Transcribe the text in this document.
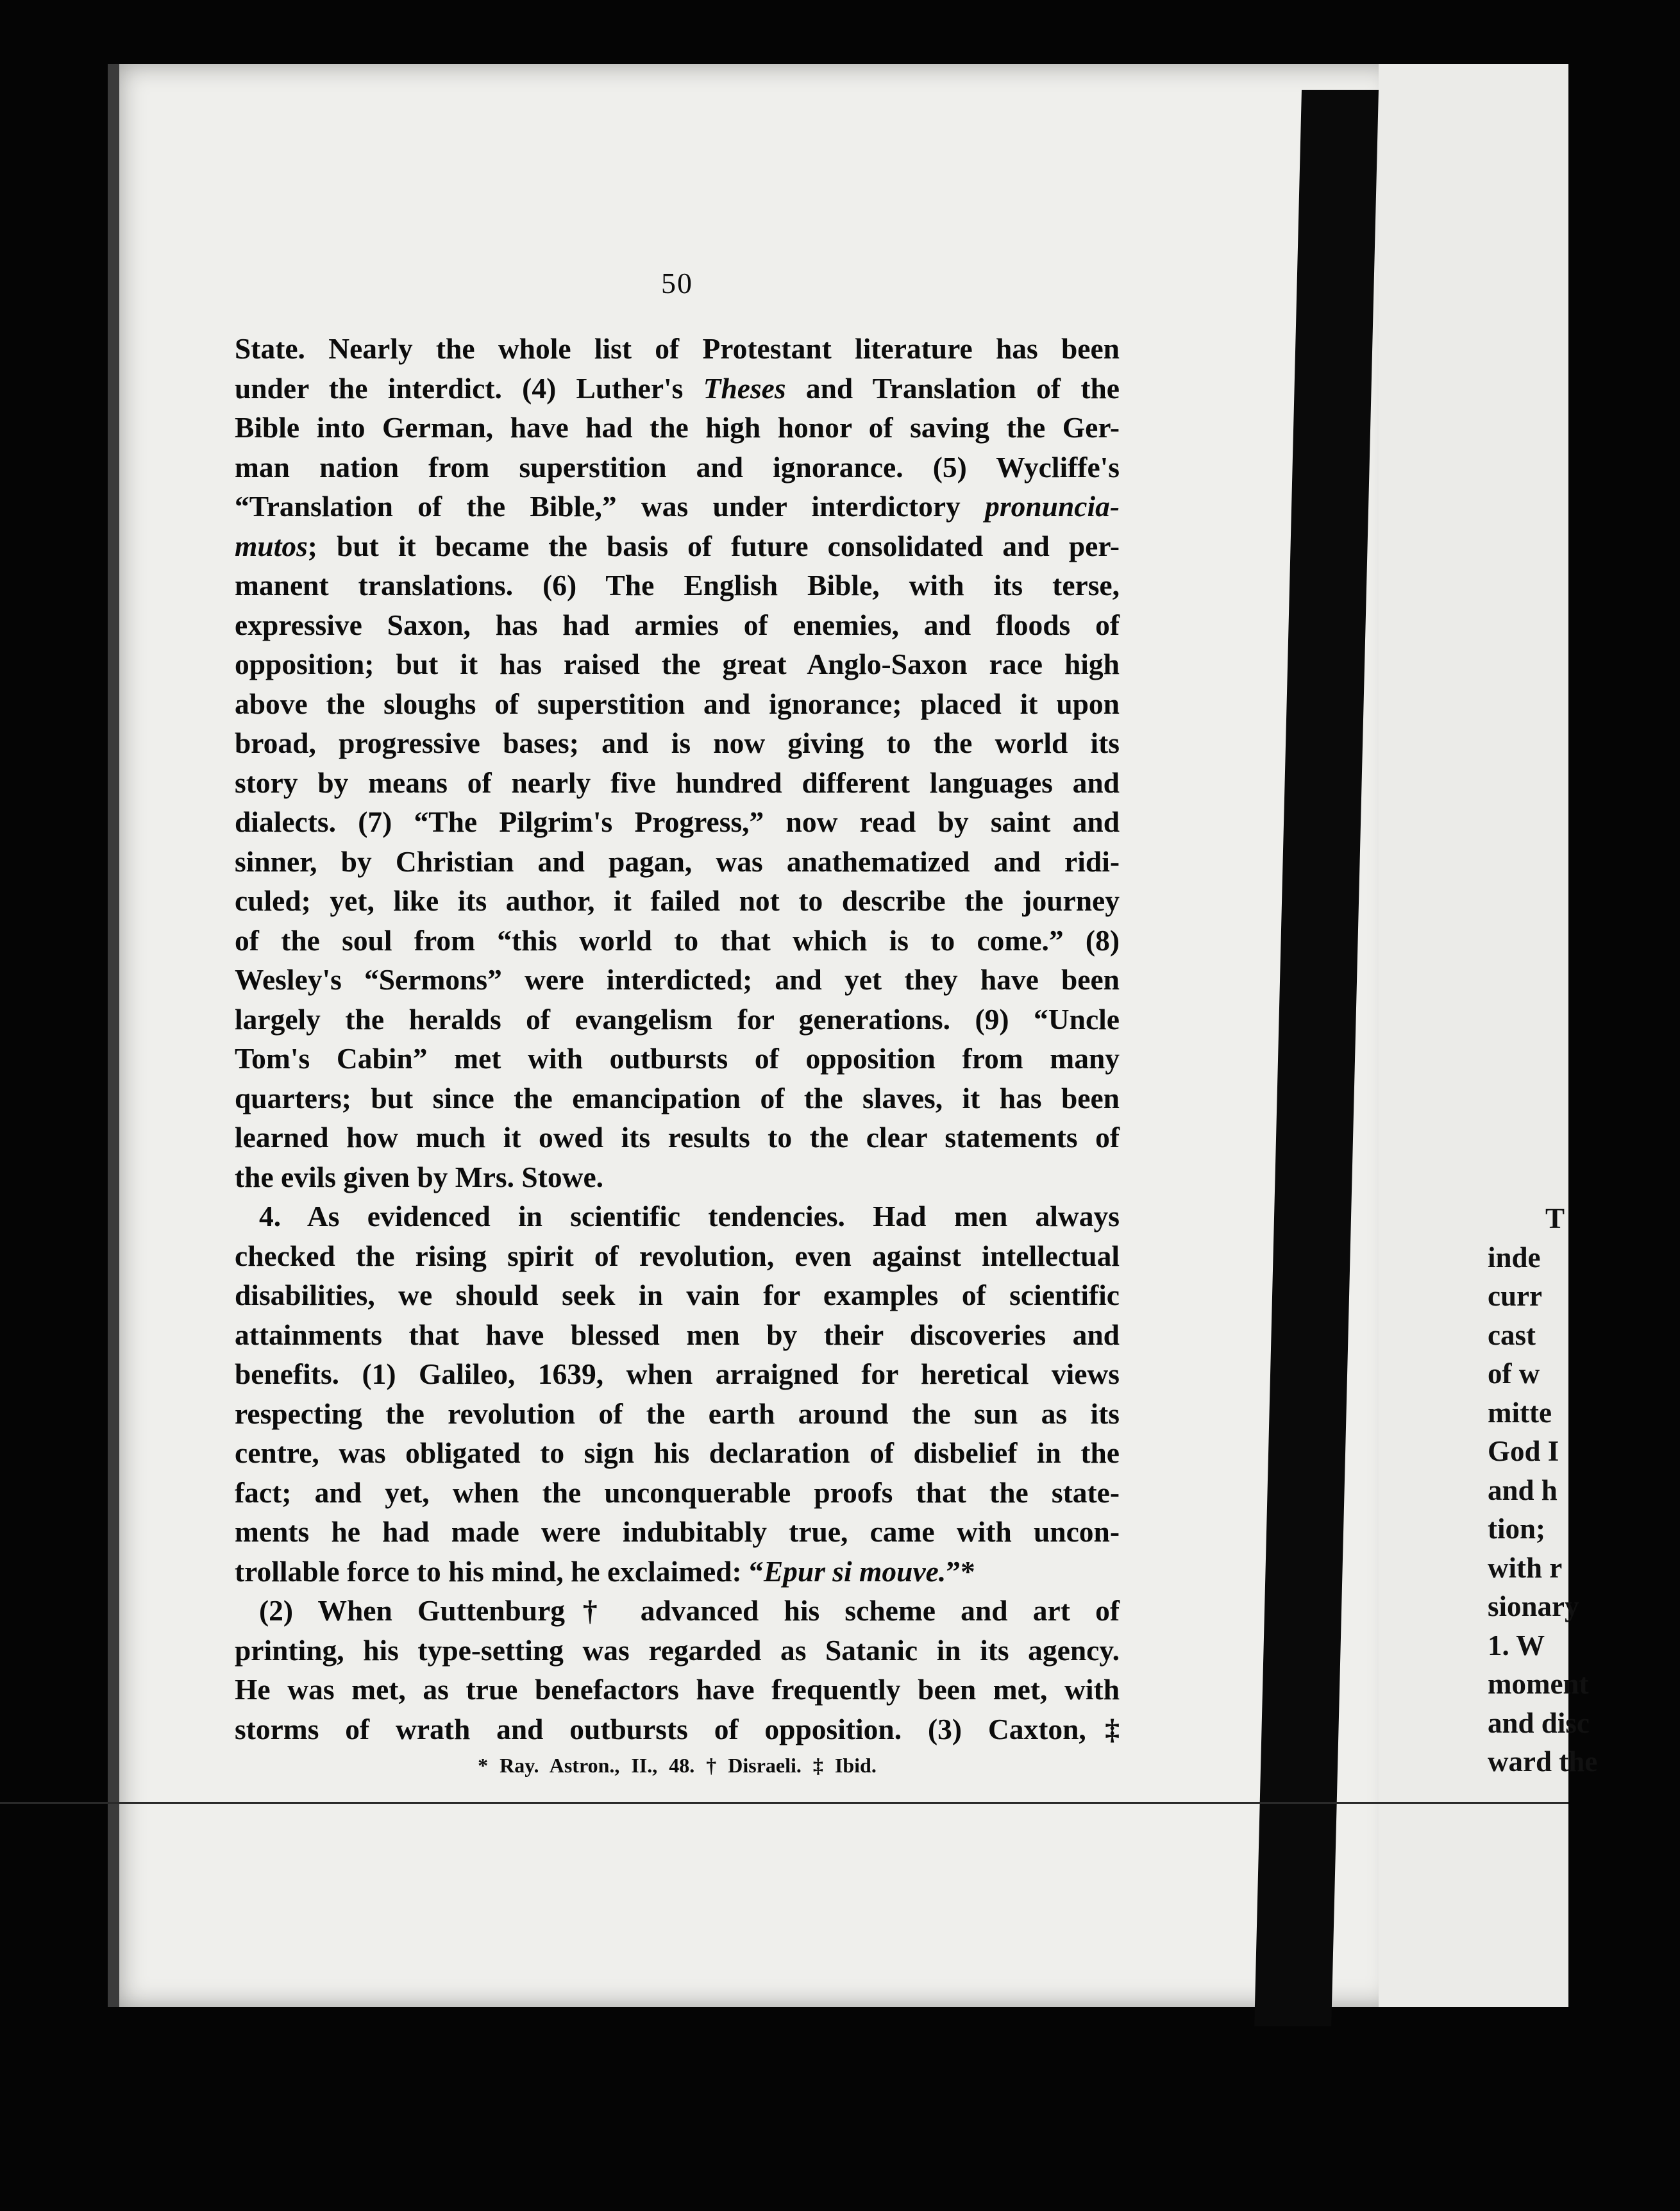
T
inde
curr
cast
of w
mitte
God I
and h
tion;
with r
sionary
1. W
moment
and disc
ward the
50
State. Nearly the whole list of Protestant literature has been
under the interdict. (4) Luther's Theses and Translation of the
Bible into German, have had the high honor of saving the Ger-
man nation from superstition and ignorance. (5) Wycliffe's
“Translation of the Bible,” was under interdictory pronuncia-
mutos; but it became the basis of future consolidated and per-
manent translations. (6) The English Bible, with its terse,
expressive Saxon, has had armies of enemies, and floods of
opposition; but it has raised the great Anglo-Saxon race high
above the sloughs of superstition and ignorance; placed it upon
broad, progressive bases; and is now giving to the world its
story by means of nearly five hundred different languages and
dialects. (7) “The Pilgrim's Progress,” now read by saint and
sinner, by Christian and pagan, was anathematized and ridi-
culed; yet, like its author, it failed not to describe the journey
of the soul from “this world to that which is to come.” (8)
Wesley's “Sermons” were interdicted; and yet they have been
largely the heralds of evangelism for generations. (9) “Uncle
Tom's Cabin” met with outbursts of opposition from many
quarters; but since the emancipation of the slaves, it has been
learned how much it owed its results to the clear statements of
the evils given by Mrs. Stowe.
4. As evidenced in scientific tendencies. Had men always
checked the rising spirit of revolution, even against intellectual
disabilities, we should seek in vain for examples of scientific
attainments that have blessed men by their discoveries and
benefits. (1) Galileo, 1639, when arraigned for heretical views
respecting the revolution of the earth around the sun as its
centre, was obligated to sign his declaration of disbelief in the
fact; and yet, when the unconquerable proofs that the state-
ments he had made were indubitably true, came with uncon-
trollable force to his mind, he exclaimed: “Epur si mouve.”*
(2) When Guttenburg† advanced his scheme and art of
printing, his type-setting was regarded as Satanic in its agency.
He was met, as true benefactors have frequently been met, with
storms of wrath and outbursts of opposition. (3) Caxton,‡
* Ray. Astron., II., 48. † Disraeli. ‡ Ibid.
